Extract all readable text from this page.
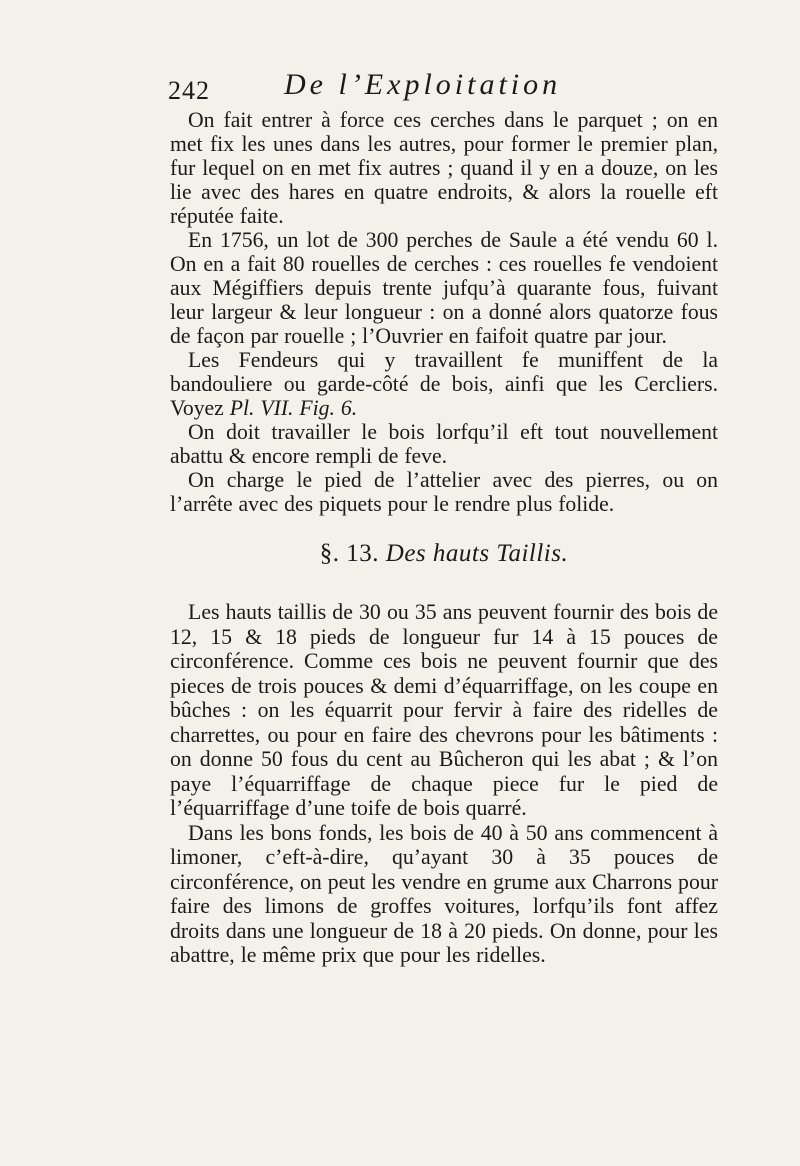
242 De l’Exploitation

On fait entrer à force ces cerches dans le parquet ; on en met fix les unes dans les autres, pour former le premier plan, fur lequel on en met fix autres ; quand il y en a douze, on les lie avec des hares en quatre endroits, & alors la rouelle eft réputée faite.

En 1756, un lot de 300 perches de Saule a été vendu 60 l. On en a fait 80 rouelles de cerches : ces rouelles fe vendoient aux Mégiffiers depuis trente jufqu’à quarante fous, fuivant leur largeur & leur longueur : on a donné alors quatorze fous de façon par rouelle ; l’Ouvrier en faifoit quatre par jour.

Les Fendeurs qui y travaillent fe muniffent de la bandouliere ou garde-côté de bois, ainfi que les Cercliers. Voyez Pl. VII. Fig. 6.

On doit travailler le bois lorfqu’il eft tout nouvellement abattu & encore rempli de feve.

On charge le pied de l’attelier avec des pierres, ou on l’arrête avec des piquets pour le rendre plus folide.

§. 13. Des hauts Taillis.

Les hauts taillis de 30 ou 35 ans peuvent fournir des bois de 12, 15 & 18 pieds de longueur fur 14 à 15 pouces de circonférence. Comme ces bois ne peuvent fournir que des pieces de trois pouces & demi d’équarriffage, on les coupe en bûches : on les équarrit pour fervir à faire des ridelles de charrettes, ou pour en faire des chevrons pour les bâtiments : on donne 50 fous du cent au Bûcheron qui les abat ; & l’on paye l’équarriffage de chaque piece fur le pied de l’équarriffage d’une toife de bois quarré.

Dans les bons fonds, les bois de 40 à 50 ans commencent à limoner, c’eft-à-dire, qu’ayant 30 à 35 pouces de circonférence, on peut les vendre en grume aux Charrons pour faire des limons de groffes voitures, lorfqu’ils font affez droits dans une longueur de 18 à 20 pieds. On donne, pour les abattre, le même prix que pour les ridelles.
